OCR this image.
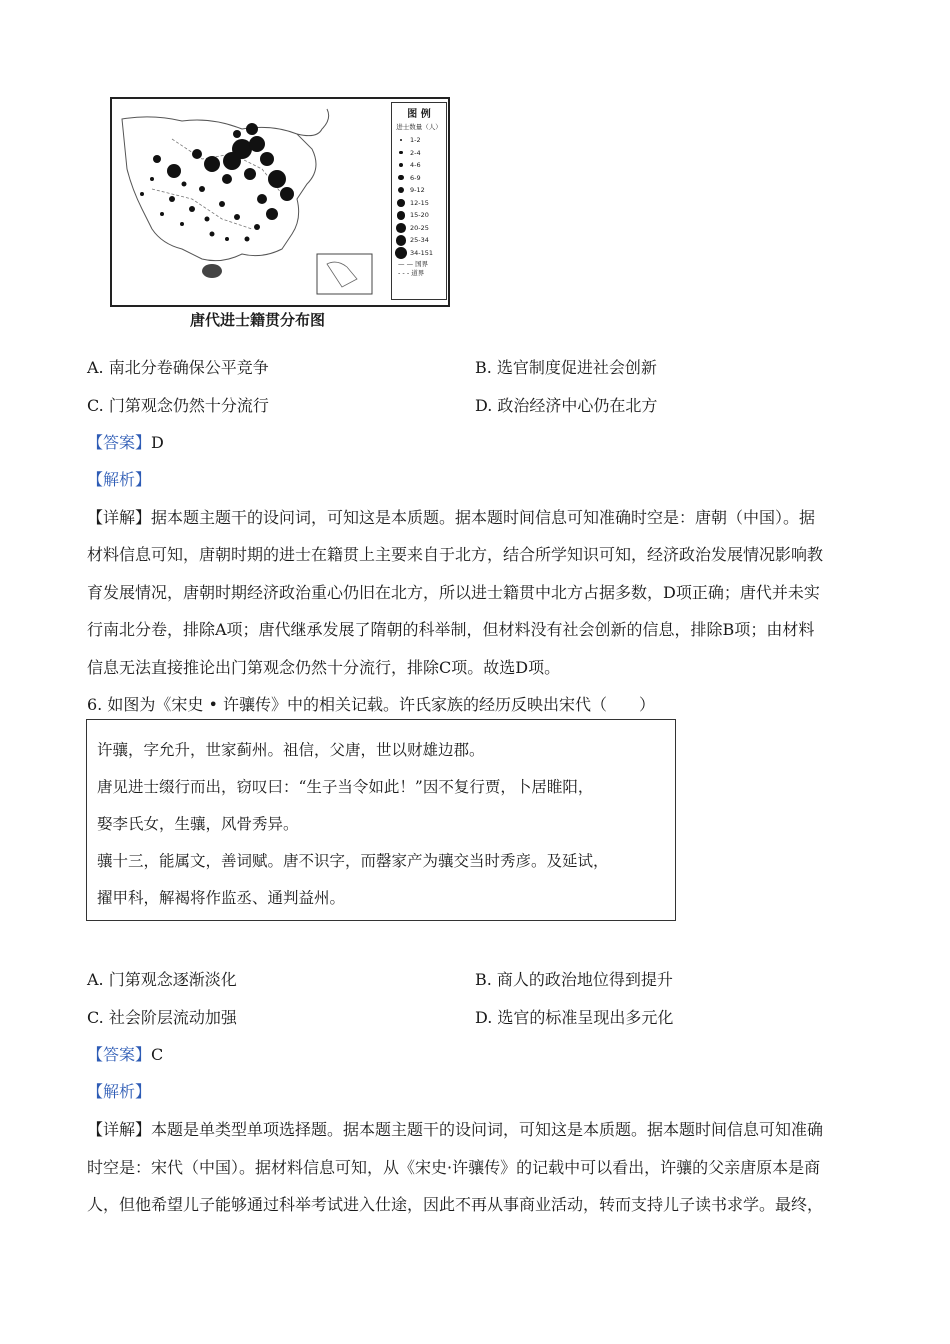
图 例
进士数量（人）
1-2
2-4
4-6
6-9
9-12
12-15
15-20
20-25
25-34
34-151
— — 国界
- - - 道界
唐代进士籍贯分布图
A. 南北分卷确保公平竞争	B. 选官制度促进社会创新
C. 门第观念仍然十分流行	D. 政治经济中心仍在北方
【答案】D
【解析】
【详解】据本题主题干的设问词，可知这是本质题。据本题时间信息可知准确时空是：唐朝（中国）。据
材料信息可知，唐朝时期的进士在籍贯上主要来自于北方，结合所学知识可知，经济政治发展情况影响教
育发展情况，唐朝时期经济政治重心仍旧在北方，所以进士籍贯中北方占据多数，D项正确；唐代并未实
行南北分卷，排除A项；唐代继承发展了隋朝的科举制，但材料没有社会创新的信息，排除B项；由材料
信息无法直接推论出门第观念仍然十分流行，排除C项。故选D项。
6. 如图为《宋史 • 许骧传》中的相关记载。许氏家族的经历反映出宋代（　　）
许骧，字允升，世家蓟州。祖信，父唐，世以财雄边郡。
唐见进士缀行而出，窃叹曰：“生子当令如此！”因不复行贾，卜居睢阳，
娶李氏女，生骧，风骨秀异。
骧十三，能属文，善词赋。唐不识字，而罄家产为骧交当时秀彦。及延试，
擢甲科，解褐将作监丞、通判益州。
A. 门第观念逐渐淡化	B. 商人的政治地位得到提升
C. 社会阶层流动加强	D. 选官的标准呈现出多元化
【答案】C
【解析】
【详解】本题是单类型单项选择题。据本题主题干的设问词，可知这是本质题。据本题时间信息可知准确
时空是：宋代（中国）。据材料信息可知，从《宋史·许骧传》的记载中可以看出，许骧的父亲唐原本是商
人，但他希望儿子能够通过科举考试进入仕途，因此不再从事商业活动，转而支持儿子读书求学。最终，
